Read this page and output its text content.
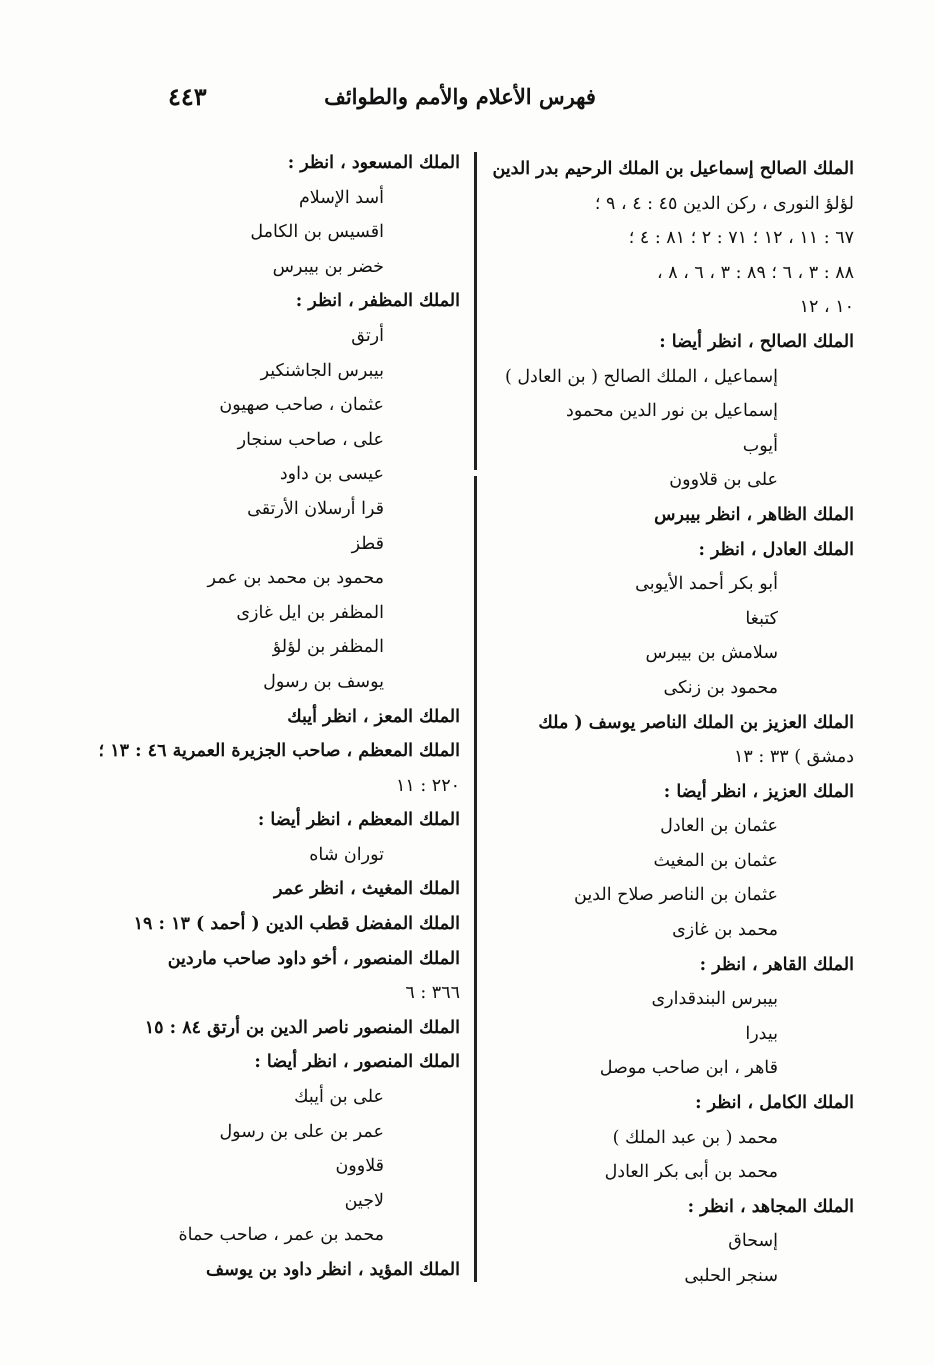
فهرس الأعلام والأمم والطوائف
٤٤٣
الملك الصالح إسماعيل بن الملك الرحيم بدر الدين
لؤلؤ النورى ، ركن الدين ٤٥ : ٤ ، ٩ ؛
٦٧ : ١١ ، ١٢ ؛ ٧١ : ٢ ؛ ٨١ : ٤ ؛
٨٨ : ٣ ، ٦ ؛ ٨٩ : ٣ ، ٦ ، ٨ ،
١٠ ، ١٢
الملك الصالح ، انظر أيضا :
إسماعيل ، الملك الصالح ( بن العادل )
إسماعيل بن نور الدين محمود
أيوب
على بن قلاوون
الملك الظاهر ، انظر بيبرس
الملك العادل ، انظر :
أبو بكر أحمد الأيوبى
كتبغا
سلامش بن بيبرس
محمود بن زنكى
الملك العزيز بن الملك الناصر يوسف ( ملك
دمشق ) ٣٣ : ١٣
الملك العزيز ، انظر أيضا :
عثمان بن العادل
عثمان بن المغيث
عثمان بن الناصر صلاح الدين
محمد بن غازى
الملك القاهر ، انظر :
بيبرس البندقدارى
بيدرا
قاهر ، ابن صاحب موصل
الملك الكامل ، انظر :
محمد ( بن عبد الملك )
محمد بن أبى بكر العادل
الملك المجاهد ، انظر :
إسحاق
سنجر الحلبى
الملك المسعود ، انظر :
أسد الإسلام
اقسيس بن الكامل
خضر بن بيبرس
الملك المظفر ، انظر :
أرتق
بيبرس الجاشنكير
عثمان ، صاحب صهيون
على ، صاحب سنجار
عيسى بن داود
قرا أرسلان الأرتقى
قطز
محمود بن محمد بن عمر
المظفر بن ايل غازى
المظفر بن لؤلؤ
يوسف بن رسول
الملك المعز ، انظر أيبك
الملك المعظم ، صاحب الجزيرة العمرية ٤٦ : ١٣ ؛
٢٢٠ : ١١
الملك المعظم ، انظر أيضا :
توران شاه
الملك المغيث ، انظر عمر
الملك المفضل قطب الدين ( أحمد ) ١٣ : ١٩
الملك المنصور ، أخو داود صاحب ماردين
٣٦٦ : ٦
الملك المنصور ناصر الدين بن أرتق ٨٤ : ١٥
الملك المنصور ، انظر أيضا :
على بن أيبك
عمر بن على بن رسول
قلاوون
لاجين
محمد بن عمر ، صاحب حماة
الملك المؤيد ، انظر داود بن يوسف
